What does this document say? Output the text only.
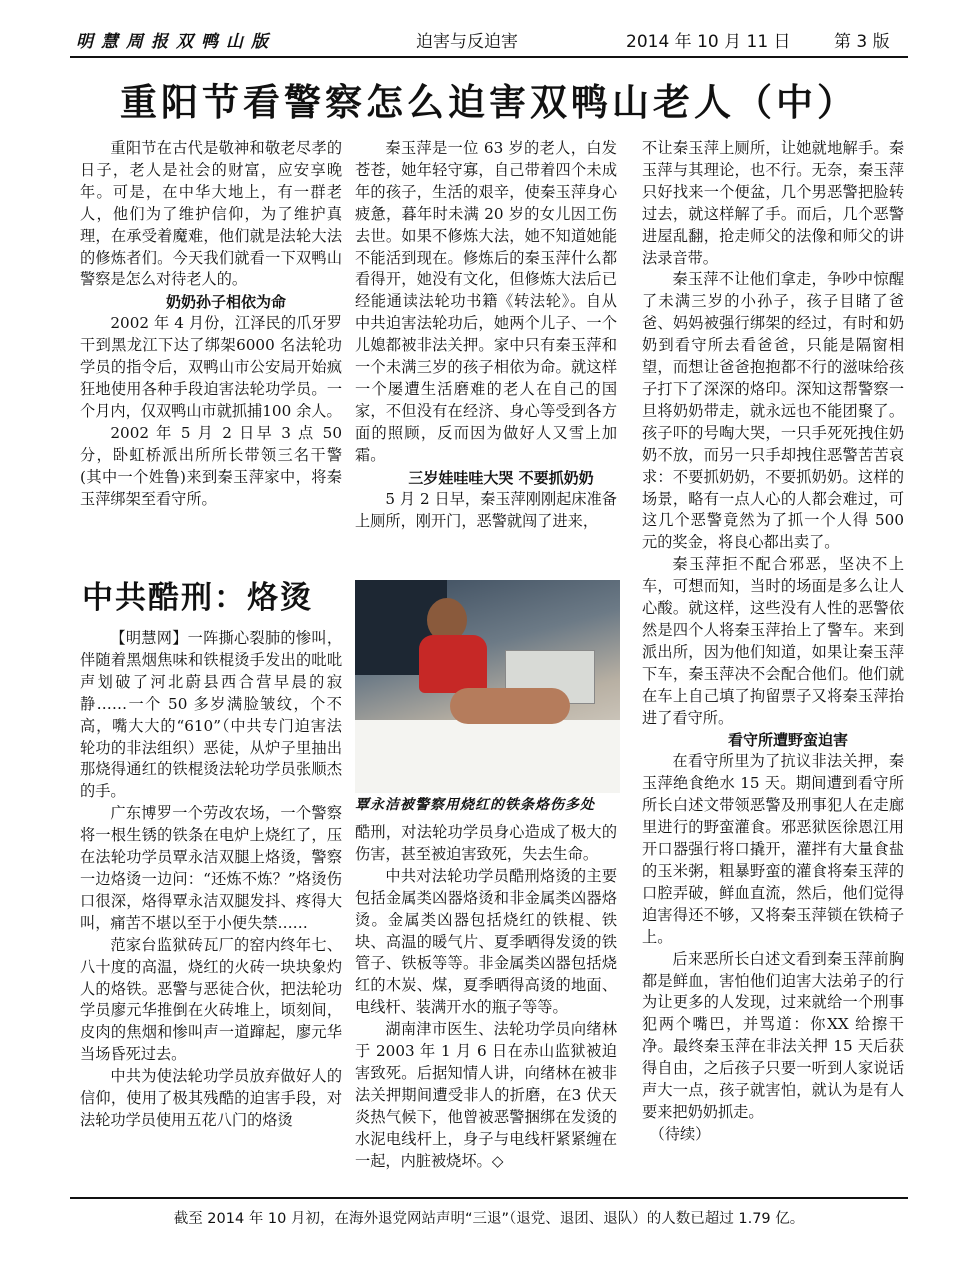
明慧周报双鸭山版	迫害与反迫害	2014 年 10 月 11 日	第 3 版
重阳节看警察怎么迫害双鸭山老人（中）

重阳节在古代是敬神和敬老尽孝的日子，老人是社会的财富，应安享晚年。可是，在中华大地上，有一群老人，他们为了维护信仰，为了维护真理，在承受着魔难，他们就是法轮大法的修炼者们。今天我们就看一下双鸭山警察是怎么对待老人的。

奶奶孙子相依为命

2002 年 4 月份，江泽民的爪牙罗干到黑龙江下达了绑架6000 名法轮功学员的指令后，双鸭山市公安局开始疯狂地使用各种手段迫害法轮功学员。一个月内，仅双鸭山市就抓捕100 余人。

2002 年 5 月 2 日早 3 点 50 分，卧虹桥派出所所长带领三名干警(其中一个姓鲁)来到秦玉萍家中，将秦玉萍绑架至看守所。

中共酷刑：烙烫

【明慧网】一阵撕心裂肺的惨叫，伴随着黑烟焦味和铁棍烫手发出的吡吡声划破了河北蔚县西合营早晨的寂静……一个 50 多岁满脸皱纹，个不高，嘴大大的“610”（中共专门迫害法轮功的非法组织）恶徒，从炉子里抽出那烧得通红的铁棍烫法轮功学员张顺杰的手。

广东博罗一个劳改农场，一个警察将一根生锈的铁条在电炉上烧红了，压在法轮功学员覃永洁双腿上烙烫，警察一边烙烫一边问：“还炼不炼？”烙烫伤口很深，烙得覃永洁双腿发抖、疼得大叫，痛苦不堪以至于小便失禁……

范家台监狱砖瓦厂的窑内终年七、八十度的高温，烧红的火砖一块块象灼人的烙铁。恶警与恶徒合伙，把法轮功学员廖元华推倒在火砖堆上，顷刻间，皮肉的焦烟和惨叫声一道蹿起，廖元华当场昏死过去。

中共为使法轮功学员放弃做好人的信仰，使用了极其残酷的迫害手段，对法轮功学员使用五花八门的烙烫

秦玉萍是一位 63 岁的老人，白发苍苍，她年轻守寡，自己带着四个未成年的孩子，生活的艰辛，使秦玉萍身心疲惫，暮年时未满 20 岁的女儿因工伤去世。如果不修炼大法，她不知道她能不能活到现在。修炼后的秦玉萍什么都看得开，她没有文化，但修炼大法后已经能通读法轮功书籍《转法轮》。自从中共迫害法轮功后，她两个儿子、一个儿媳都被非法关押。家中只有秦玉萍和一个未满三岁的孩子相依为命。就这样一个屡遭生活磨难的老人在自己的国家，不但没有在经济、身心等受到各方面的照顾，反而因为做好人又雪上加霜。

三岁娃哇哇大哭 不要抓奶奶

5 月 2 日早，秦玉萍刚刚起床准备上厕所，刚开门，恶警就闯了进来，

覃永洁被警察用烧红的铁条烙伤多处

酷刑，对法轮功学员身心造成了极大的伤害，甚至被迫害致死，失去生命。

中共对法轮功学员酷刑烙烫的主要包括金属类凶器烙烫和非金属类凶器烙烫。金属类凶器包括烧红的铁棍、铁块、高温的暖气片、夏季晒得发烫的铁管子、铁板等等。非金属类凶器包括烧红的木炭、煤，夏季晒得高烫的地面、电线杆、装满开水的瓶子等等。

湖南津市医生、法轮功学员向绪林于 2003 年 1 月 6 日在赤山监狱被迫害致死。后据知情人讲，向绪林在被非法关押期间遭受非人的折磨，在3 伏天炎热气候下，他曾被恶警捆绑在发烫的水泥电线杆上，身子与电线杆紧紧缠在一起，内脏被烧坏。◇

不让秦玉萍上厕所，让她就地解手。秦玉萍与其理论，也不行。无奈，秦玉萍只好找来一个便盆，几个男恶警把脸转过去，就这样解了手。而后，几个恶警进屋乱翻，抢走师父的法像和师父的讲法录音带。

秦玉萍不让他们拿走，争吵中惊醒了未满三岁的小孙子，孩子目睹了爸爸、妈妈被强行绑架的经过，有时和奶奶到看守所去看爸爸，只能是隔窗相望，而想让爸爸抱抱都不行的滋味给孩子打下了深深的烙印。深知这帮警察一旦将奶奶带走，就永远也不能团聚了。孩子吓的号啕大哭，一只手死死拽住奶奶不放，而另一只手却拽住恶警苦苦哀求：不要抓奶奶，不要抓奶奶。这样的场景，略有一点人心的人都会难过，可这几个恶警竟然为了抓一个人得 500 元的奖金，将良心都出卖了。

秦玉萍拒不配合邪恶，坚决不上车，可想而知，当时的场面是多么让人心酸。就这样，这些没有人性的恶警依然是四个人将秦玉萍抬上了警车。来到派出所，因为他们知道，如果让秦玉萍下车，秦玉萍决不会配合他们。他们就在车上自己填了拘留票子又将秦玉萍抬进了看守所。

看守所遭野蛮迫害

在看守所里为了抗议非法关押，秦玉萍绝食绝水 15 天。期间遭到看守所所长白述文带领恶警及刑事犯人在走廊里进行的野蛮灌食。邪恶狱医徐恩江用开口器强行将口撬开，灌拌有大量食盐的玉米粥，粗暴野蛮的灌食将秦玉萍的口腔弄破，鲜血直流，然后，他们觉得迫害得还不够，又将秦玉萍锁在铁椅子上。

后来恶所长白述文看到秦玉萍前胸都是鲜血，害怕他们迫害大法弟子的行为让更多的人发现，过来就给一个刑事犯两个嘴巴，并骂道：你XX 给擦干净。最终秦玉萍在非法关押 15 天后获得自由，之后孩子只要一听到人家说话声大一点，孩子就害怕，就认为是有人要来把奶奶抓走。

（待续）

截至 2014 年 10 月初，在海外退党网站声明“三退”（退党、退团、退队）的人数已超过 1.79 亿。
